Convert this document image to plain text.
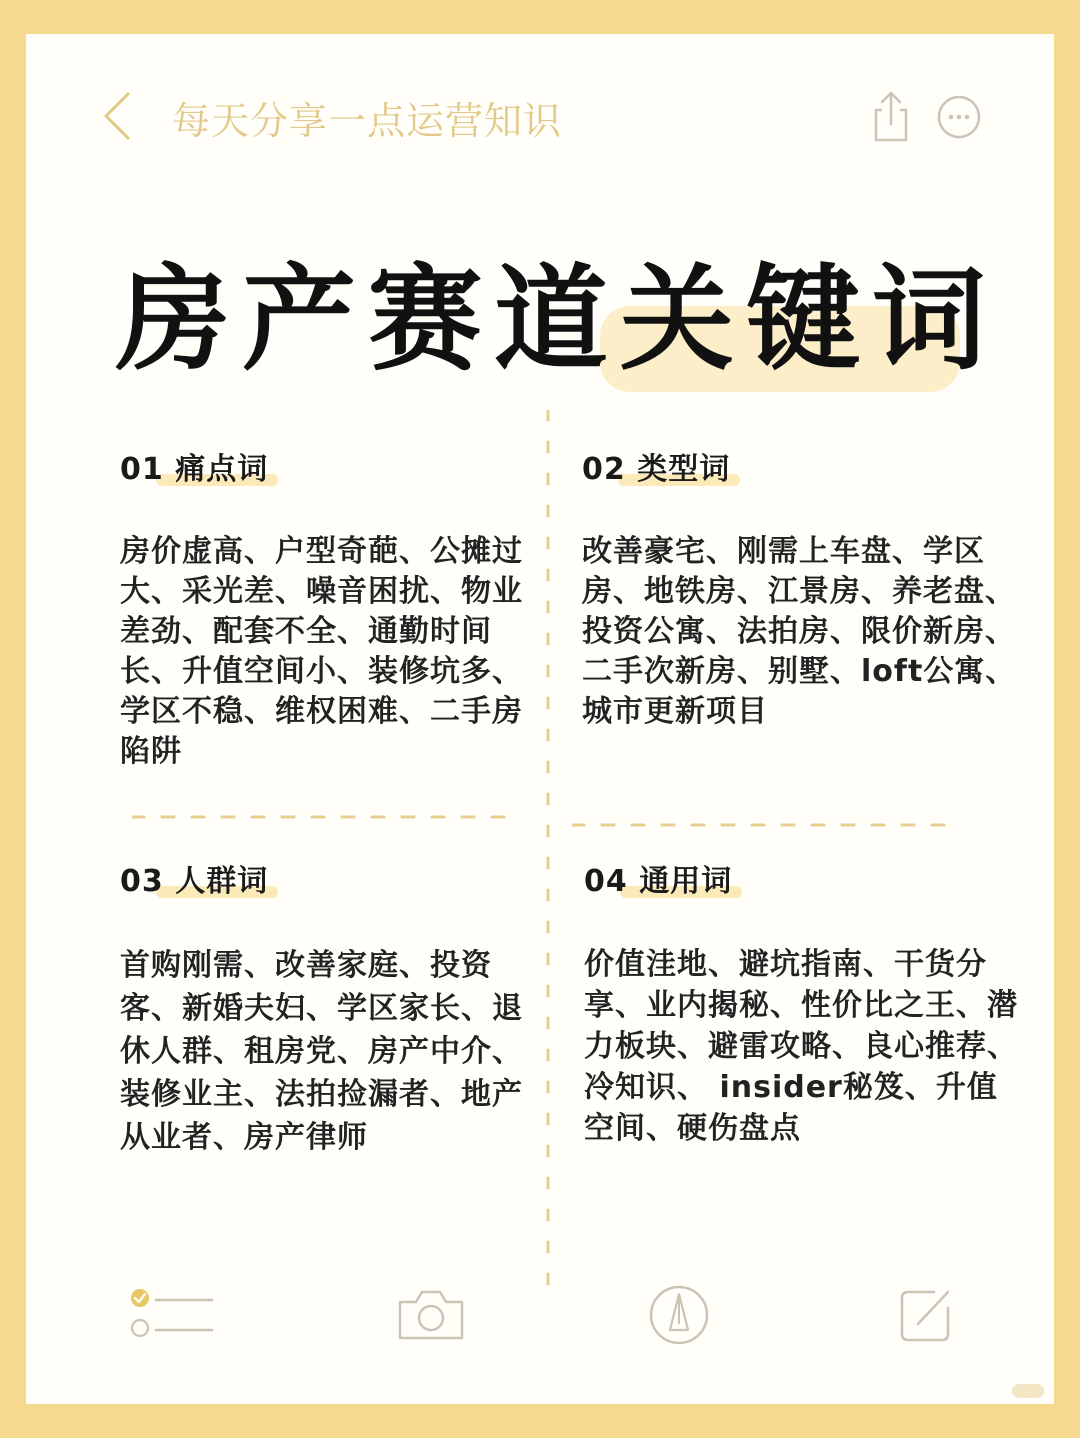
每天分享一点运营知识
房产赛道关键词
01 痛点词
房价虚高、户型奇葩、公摊过大、采光差、噪音困扰、物业差劲、配套不全、通勤时间长、升值空间小、装修坑多、学区不稳、维权困难、二手房陷阱
02 类型词
改善豪宅、刚需上车盘、学区房、地铁房、江景房、养老盘、投资公寓、法拍房、限价新房、二手次新房、别墅、loft公寓、城市更新项目
03 人群词
首购刚需、改善家庭、投资客、新婚夫妇、学区家长、退休人群、租房党、房产中介、装修业主、法拍捡漏者、地产从业者、房产律师
04 通用词
价值洼地、避坑指南、干货分享、业内揭秘、性价比之王、潜力板块、避雷攻略、良心推荐、冷知识、 insider秘笈、升值空间、硬伤盘点
